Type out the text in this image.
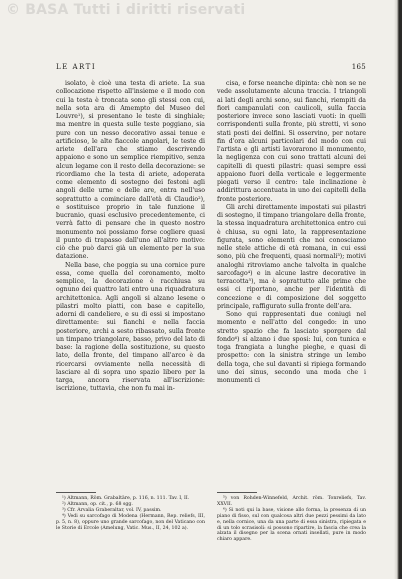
© BASA Tutti i diritti riservati
LE ARTI	165

isolato, è cioè una testa di ariete. La sua collocazione rispetto all'insieme e il modo con cui la testa è troncata sono gli stessi con cui, nella sota ara di Amempto del Museo del Louvre¹), si presentano le teste di singhiale; ma mentre in questa sulle teste poggiano, sia pure con un nesso decorativo assai tenue e artificioso, le alte fiaccole angolari, le teste di ariete dell'ara che stiamo descrivendo appaiono e sono un semplice riempitivo, senza alcun legame con il resto della decorazione: se ricordiamo che la testa di ariete, adoperata come elemento di sostegno dei festoni agli angoli delle urne e delle are, entra nell'uso soprattutto a cominciare dall'età di Claudio²), e sostituisce proprio in tale funzione il bucranio, quasi esclusivo precedentemente, ci verrà fatto di pensare che in questo nostro monumento noi possiamo forse cogliere quasi il punto di trapasso dall'uno all'altro motivo: ciò che può darci già un elemento per la sua datazione.

Nella base, che poggia su una cornice pure essa, come quella del coronamento, molto semplice, la decorazione è racchiusa su ognuno dei quattro lati entro una riquadratura architettonica. Agli angoli si alzano lesene o pilastri molto piatti, con base e capitello, adorni di candeliere, e su di essi si impostano direttamente: sui fianchi e nella faccia posteriore, archi a sesto ribassato, sulla fronte un timpano triangolare, basso, privo del lato di base: la ragione della sostituzione, su questo lato, della fronte, del timpano all'arco è da ricercarsi ovviamente nella necessità di lasciare al di sopra uno spazio libero per la targa, ancora riservata all'iscrizione: iscrizione, tuttavia, che non fu mai in-

cisa, e forse neanche dipinta: chè non se ne vede assolutamente alcuna traccia. I triangoli ai lati degli archi sono, sui fianchi, riempiti da fiori campanulati con caulicoli, sulla faccia posteriore invece sono lasciati vuoti: in quelli corrispondenti sulla fronte, più stretti, vi sono stati posti dei delfini. Si osservino, per notare fin d'ora alcuni particolari del modo con cui l'artista e gli artisti lavorarono il monumento, la negligenza con cui sono trattati alcuni dei capitelli di questi pilastri: quasi sempre essi appaiono fuori della verticale e leggermente piegati verso il centro: tale inclinazione è addirittura accentuata in uno dei capitelli della fronte posteriore.

Gli archi direttamente impostati sui pilastri di sostegno, il timpano triangolare della fronte, la stessa inquadratura architettonica entro cui è chiusa, su ogni lato, la rappresentazione figurata, sono elementi che noi conosciamo nelle stele attiche di età romana, in cui essi sono, più che frequenti, quasi normali³); motivi analoghi ritroviamo anche talvolta in qualche sarcofago⁴) e in alcune lastre decorative in terracotta⁵), ma è soprattutto alle prime che essi ci riportano, anche per l'identità di concezione e di composizione del soggetto principale, raffigurato sulla fronte dell'ara.

Sono qui rappresentati due coniugi nel momento e nell'atto del congedo: in uno stretto spazio che fa lasciato sporgere dal fondo⁶) si alzano i due sposi: lui, con tunica e toga frangiata a lunghe pieghe, e quasi di prospetto: con la sinistra stringe un lembo della toga, che sul davanti si ripiega formando uno dei sinus, secondo una moda che i monumenti ci

¹) Altmann, Röm. Grabaltäre, p. 116, n. 111. Tav. I, II.

²) Altmann, op. cit., p. 68 sgg.

³) Cfr. Arvalia Graberaltar, vol. IV, passim.

⁴) Vedi su sarcofago di Modena (Hermann, Rep. reliefs, III, p. 5, n. 8), oppure uno grande sarcofago, non del Vaticano con le Storie di Ercole (Amelung, Vatic. Mus., II, 24, 102 a).

⁵) von Rohden-Winnefeld, Archit. röm. Tonreliefs, Tav. XXVII.

⁶) Si noti qui la base, visione allo forma, la presenza di un piano di fisso, sul con qualcosa altri due pezzi pessimi da lato e, nella cornice, una da una parte di essa sinistra, ripiegata e di un tolo scrasisoli: si possono ripartire, la fascia che crea la alzata il disegno per la scena ornati insellati, pure in modo chiaro appare.
